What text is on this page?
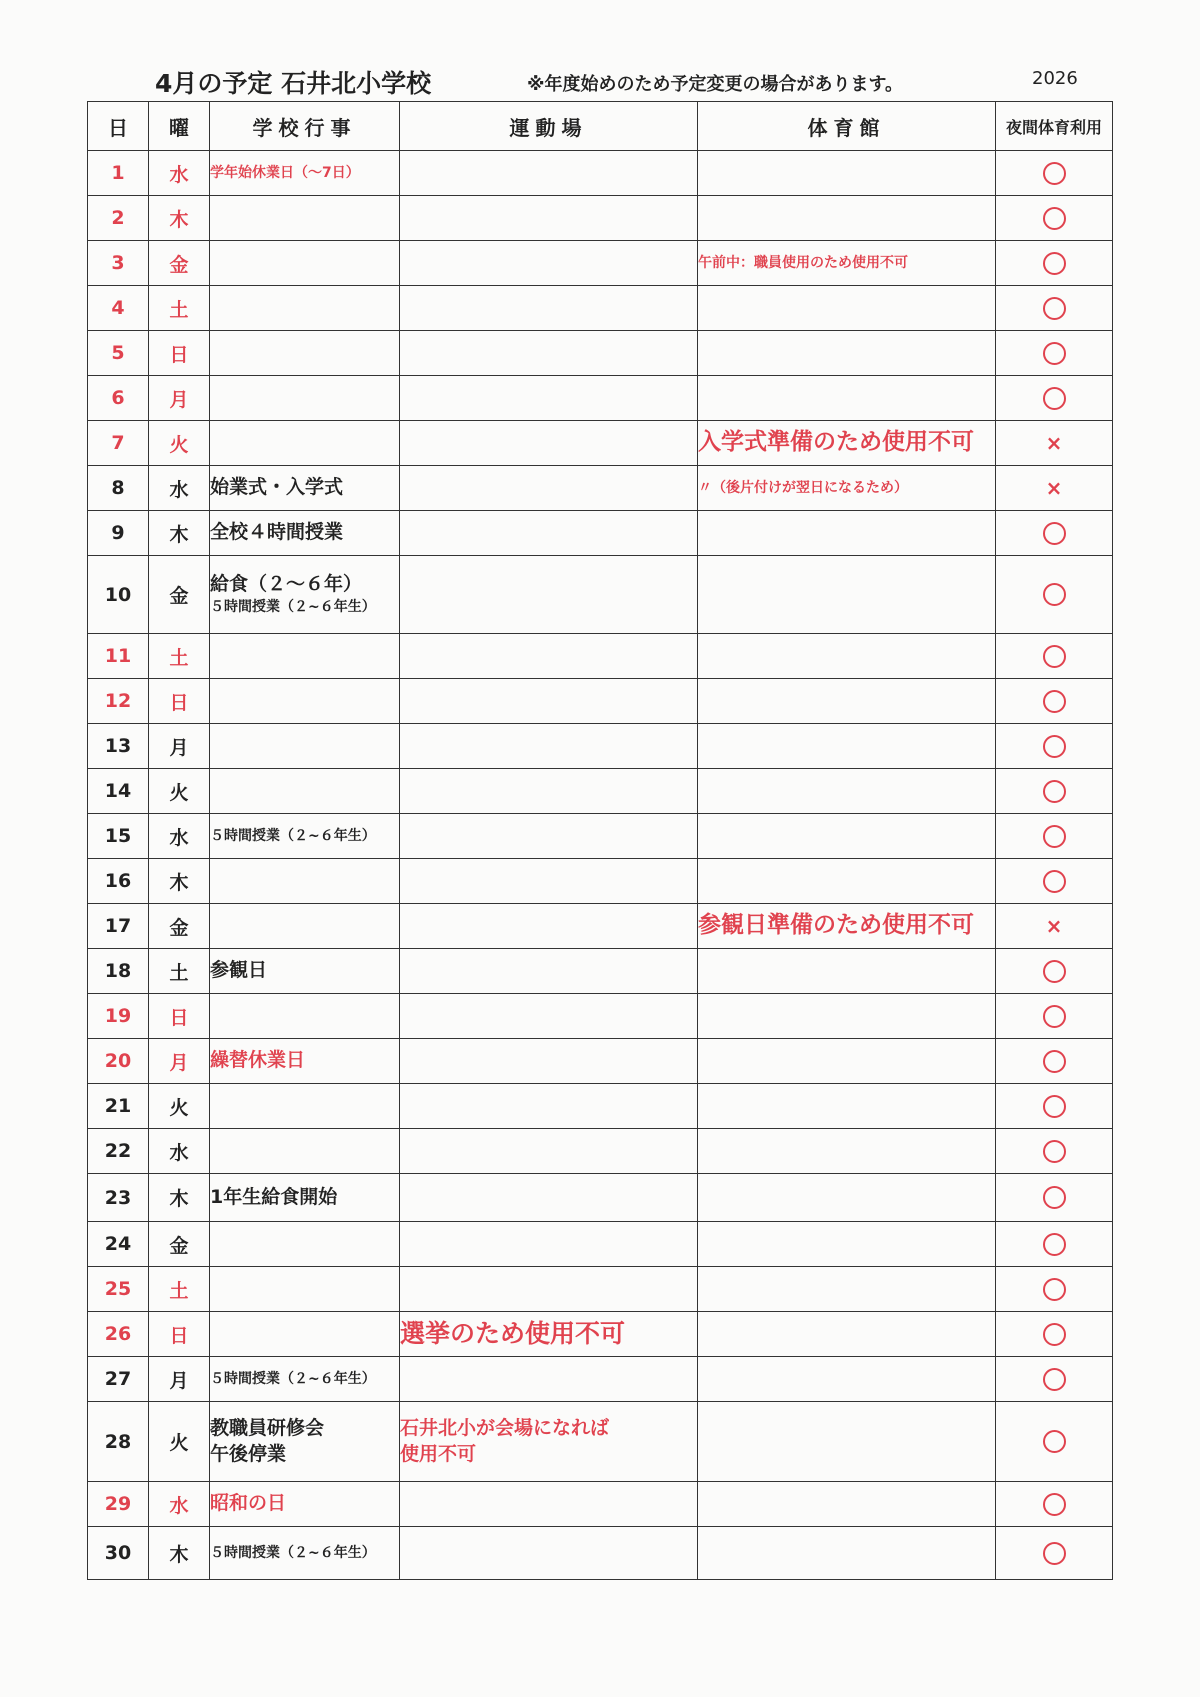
4月の予定 石井北小学校	※年度始めのため予定変更の場合があります。	2026
日	曜	学校行事	運動場	体育館	夜間体育利用
1	水	学年始休業日（～7日）			

2	木				
3	金			午前中：職員使用のため使用不可	

4	土				
5	日				
6	月				
7	火			入学式準備のため使用不可	×
8	水	始業式・入学式		〃（後片付けが翌日になるため）	×
9	木	全校４時間授業			

10	金	給食（２～６年）
５時間授業（２~６年生）			

11	土				
12	日				
13	月				
14	火				
15	水	５時間授業（２~６年生）			

16	木				
17	金			参観日準備のため使用不可	×
18	土	参観日			

19	日				
20	月	繰替休業日			

21	火				
22	水				
23	木	1年生給食開始			

24	金				
25	土				
26	日		選挙のため使用不可		

27	月	５時間授業（２~６年生）			

28	火	教職員研修会
午後停業	石井北小が会場になれば
使用不可		

29	水	昭和の日			

30	木	５時間授業（２~６年生）			
